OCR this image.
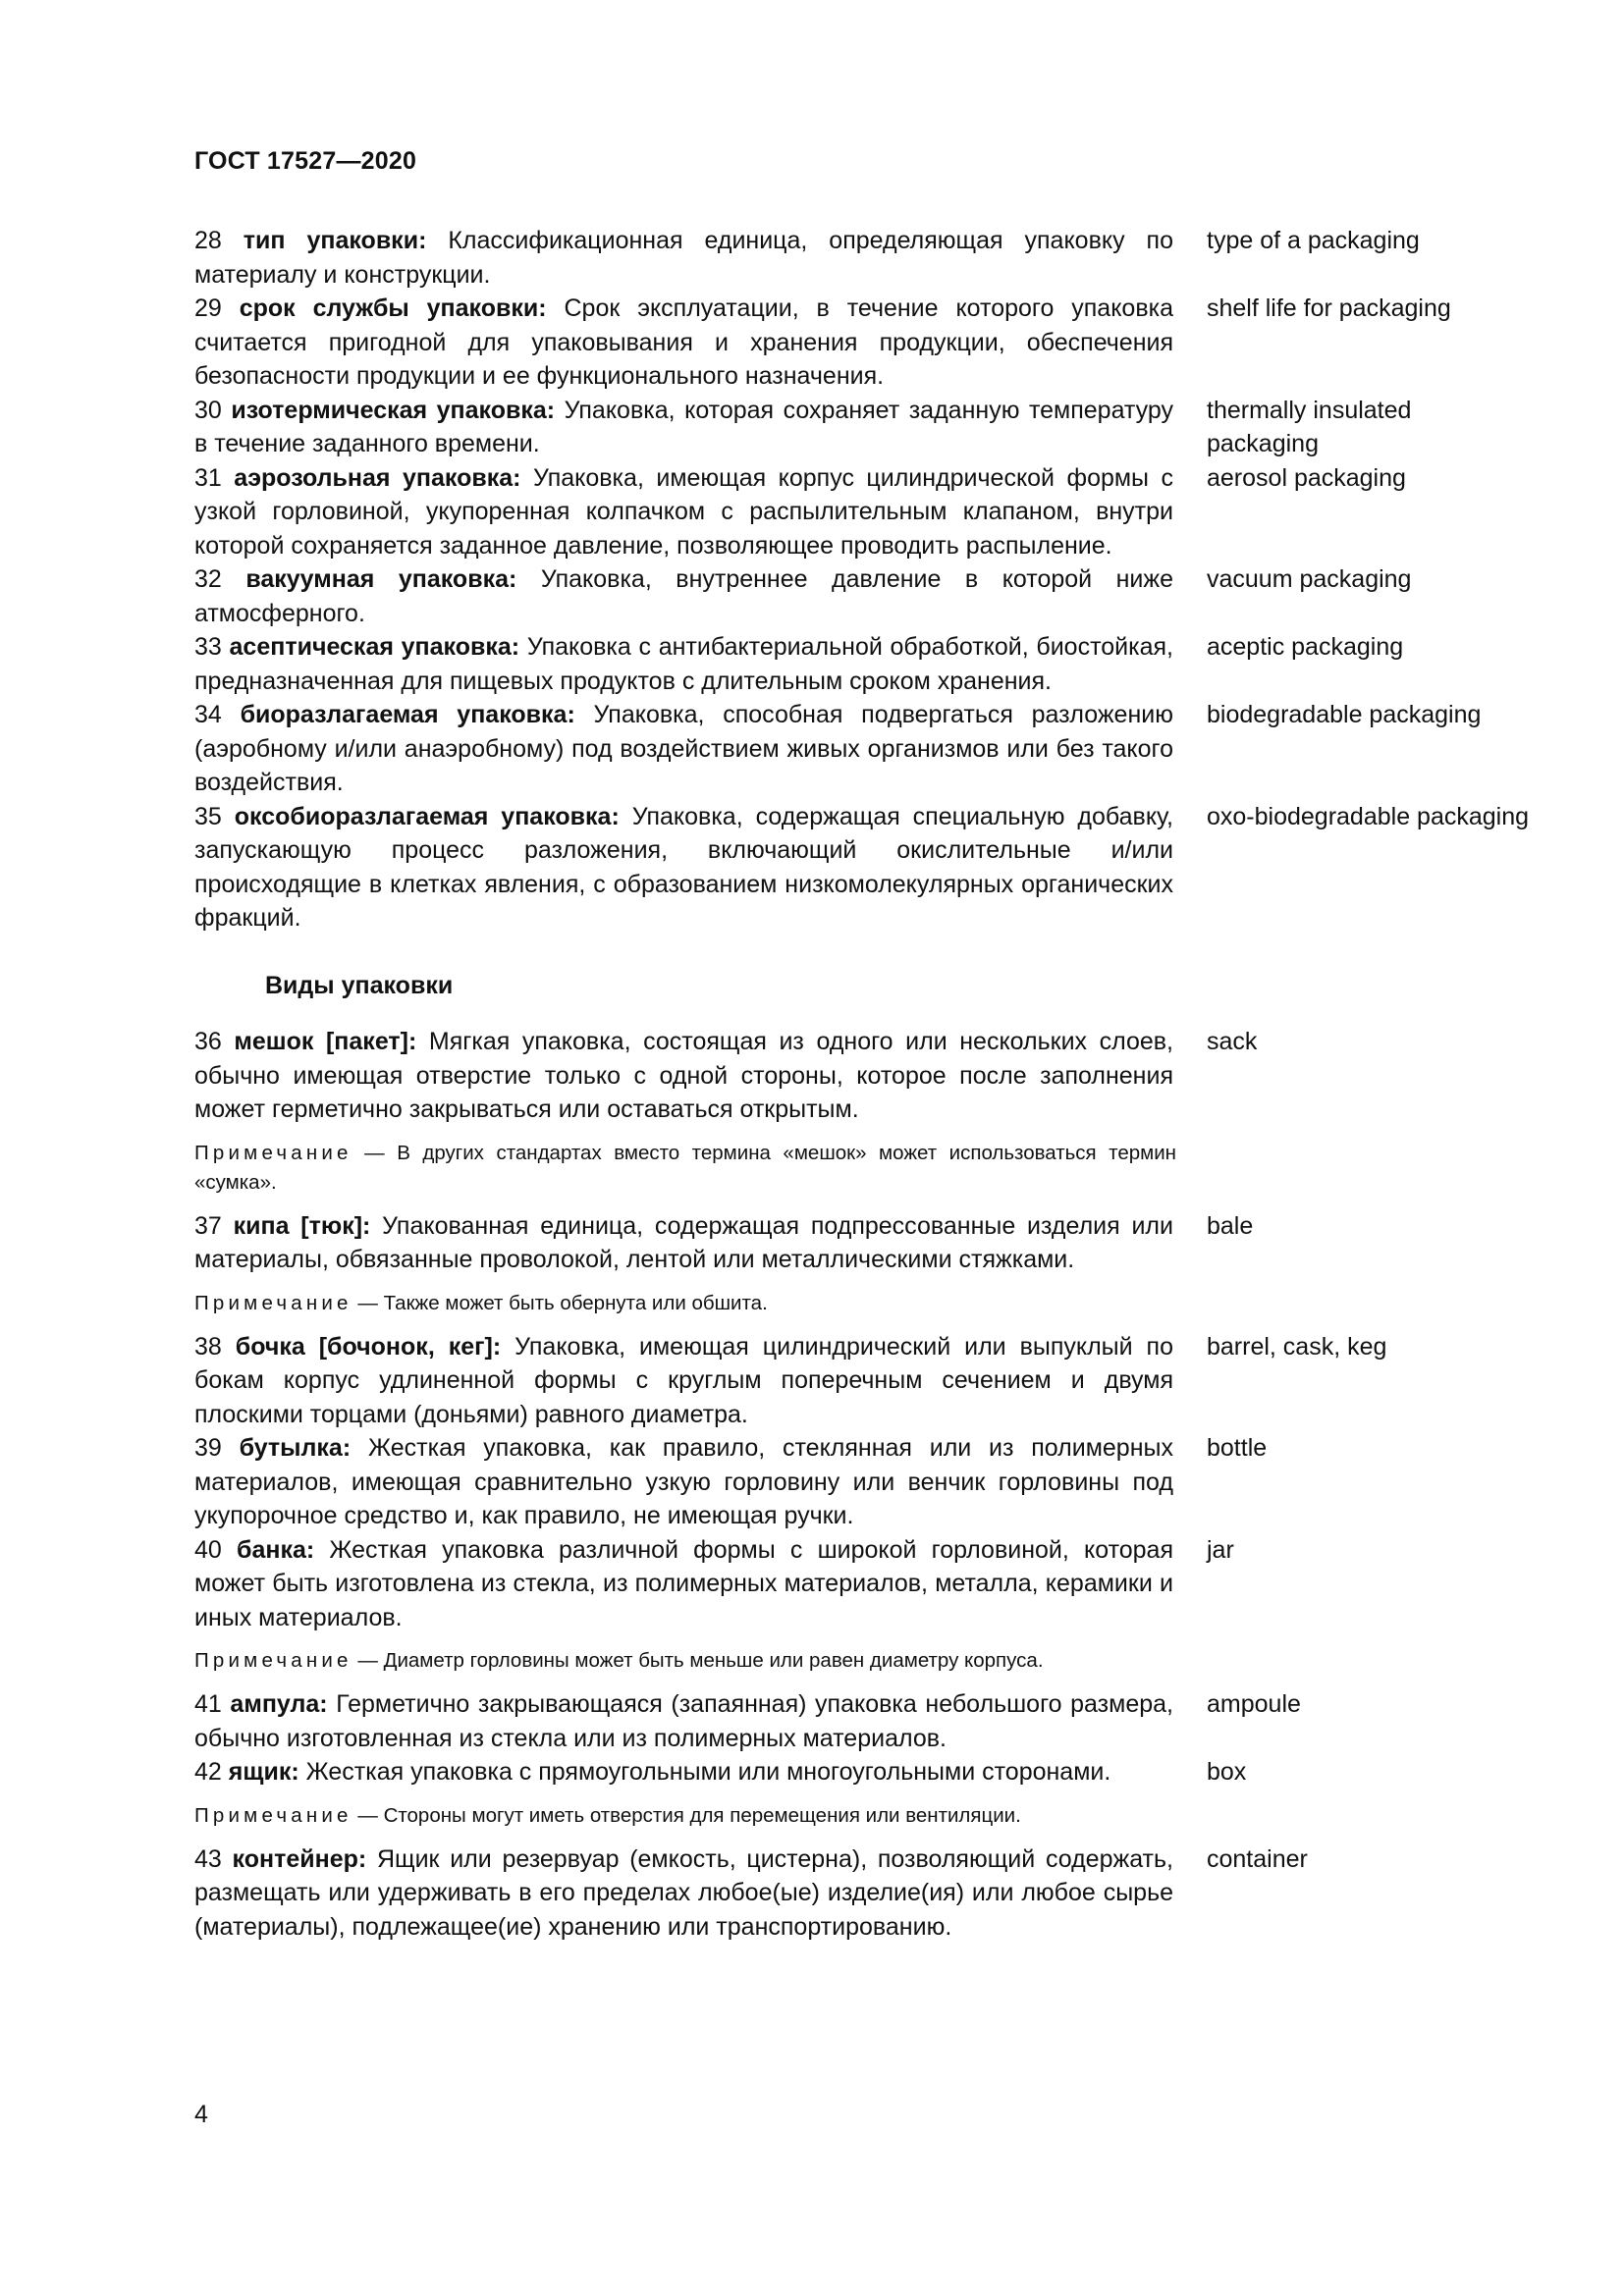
ГОСТ 17527—2020
28 тип упаковки: Классификационная единица, определяющая упаковку по материалу и конструкции.
type of a packaging
29 срок службы упаковки: Срок эксплуатации, в течение которого упаковка считается пригодной для упаковывания и хранения продукции, обеспечения безопасности продукции и ее функционального назначения.
shelf life for packaging
30 изотермическая упаковка: Упаковка, которая сохраняет заданную температуру в течение заданного времени.
thermally insulated packaging
31 аэрозольная упаковка: Упаковка, имеющая корпус цилиндрической формы с узкой горловиной, укупоренная колпачком с распылительным клапаном, внутри которой сохраняется заданное давление, позволяющее проводить распыление.
aerosol packaging
32 вакуумная упаковка: Упаковка, внутреннее давление в которой ниже атмосферного.
vacuum packaging
33 асептическая упаковка: Упаковка с антибактериальной обработкой, биостойкая, предназначенная для пищевых продуктов с длительным сроком хранения.
aceptic packaging
34 биоразлагаемая упаковка: Упаковка, способная подвергаться разложению (аэробному и/или анаэробному) под воздействием живых организмов или без такого воздействия.
biodegradable packaging
35 оксобиоразлагаемая упаковка: Упаковка, содержащая специальную добавку, запускающую процесс разложения, включающий окислительные и/или происходящие в клетках явления, с образованием низкомолекулярных органических фракций.
oxo-biodegradable packaging
Виды упаковки
36 мешок [пакет]: Мягкая упаковка, состоящая из одного или нескольких слоев, обычно имеющая отверстие только с одной стороны, которое после заполнения может герметично закрываться или оставаться открытым.
sack
Примечание — В других стандартах вместо термина «мешок» может использоваться термин «сумка».
37 кипа [тюк]: Упакованная единица, содержащая подпрессованные изделия или материалы, обвязанные проволокой, лентой или металлическими стяжками.
bale
Примечание — Также может быть обернута или обшита.
38 бочка [бочонок, кег]: Упаковка, имеющая цилиндрический или выпуклый по бокам корпус удлиненной формы с круглым поперечным сечением и двумя плоскими торцами (доньями) равного диаметра.
barrel, cask, keg
39 бутылка: Жесткая упаковка, как правило, стеклянная или из полимерных материалов, имеющая сравнительно узкую горловину или венчик горловины под укупорочное средство и, как правило, не имеющая ручки.
bottle
40 банка: Жесткая упаковка различной формы с широкой горловиной, которая может быть изготовлена из стекла, из полимерных материалов, металла, керамики и иных материалов.
jar
Примечание — Диаметр горловины может быть меньше или равен диаметру корпуса.
41 ампула: Герметично закрывающаяся (запаянная) упаковка небольшого размера, обычно изготовленная из стекла или из полимерных материалов.
ampoule
42 ящик: Жесткая упаковка с прямоугольными или многоугольными сторонами.	box
Примечание — Стороны могут иметь отверстия для перемещения или вентиляции.
43 контейнер: Ящик или резервуар (емкость, цистерна), позволяющий содержать, размещать или удерживать в его пределах любое(ые) изделие(ия) или любое сырье (материалы), подлежащее(ие) хранению или транспортированию.
container
4
